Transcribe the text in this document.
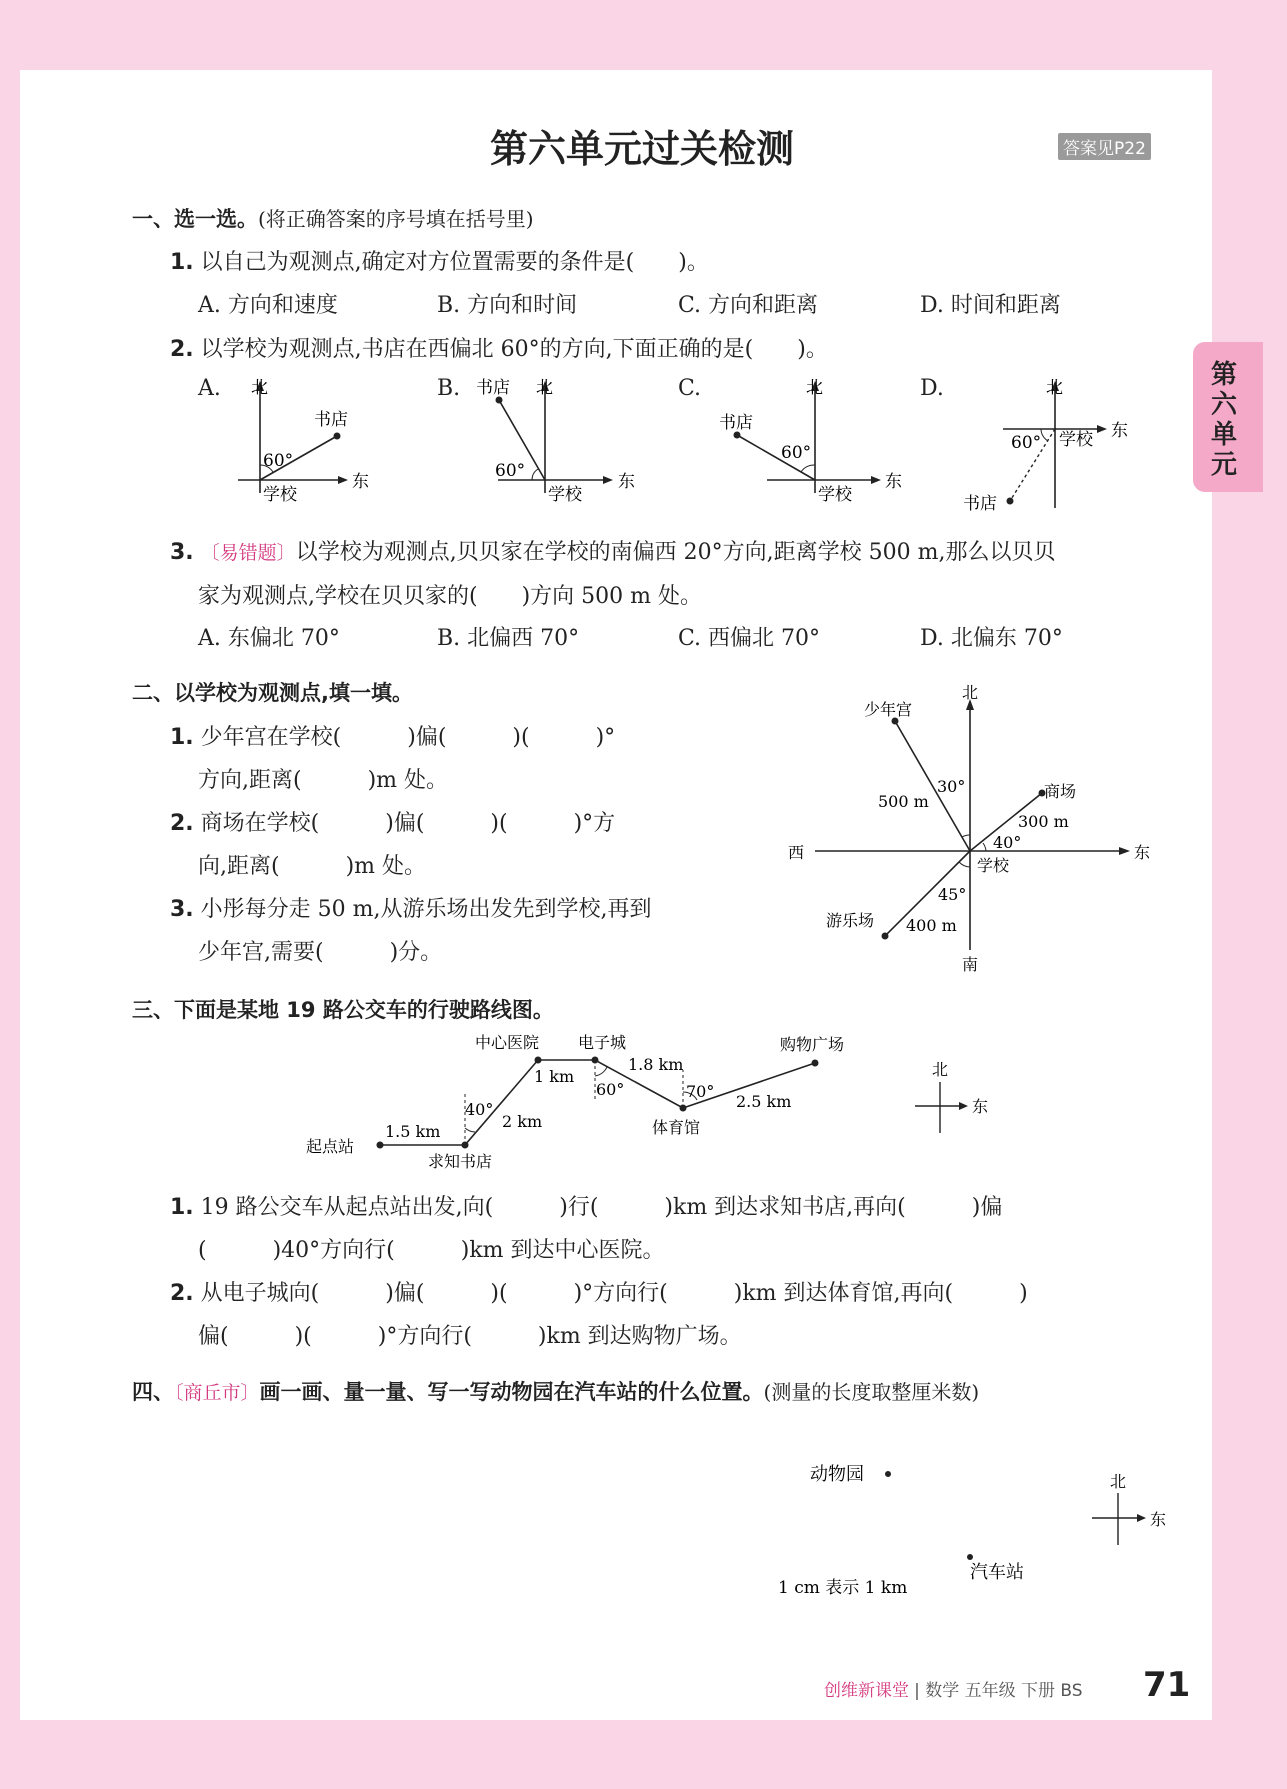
第六单元过关检测	答案见P22
第六单元
一、选一选。(将正确答案的序号填在括号里)
1. 以自己为观测点,确定对方位置需要的条件是(　　)。
A. 方向和速度	B. 方向和时间	C. 方向和距离	D. 时间和距离
2. 以学校为观测点,书店在西偏北 60°的方向,下面正确的是(　　)。
A.	B.	C.	D.
北
书店
60°
学校
东
书店 北
60°
学校
东
书店
北
60°
学校
东
北
60° 学校 东
书店
3. 〔易错题〕以学校为观测点,贝贝家在学校的南偏西 20°方向,距离学校 500 m,那么以贝贝
家为观测点,学校在贝贝家的(　　)方向 500 m 处。
A. 东偏北 70°	B. 北偏西 70°	C. 西偏北 70°	D. 北偏东 70°
二、以学校为观测点,填一填。
1. 少年宫在学校(　　　)偏(　　　)(　　　)°
方向,距离(　　　)m 处。
2. 商场在学校(　　　)偏(　　　)(　　　)°方
向,距离(　　　)m 处。
3. 小彤每分走 50 m,从游乐场出发先到学校,再到
少年宫,需要(　　　)分。
北
南
西	东
学校
少年宫
商场
游乐场
500 m
300 m
400 m
30°
40°
45°
三、下面是某地 19 路公交车的行驶路线图。
起点站
求知书店
中心医院 电子城
体育馆
购物广场
1.5 km
2 km
1 km
1.8 km
2.5 km
40°
60°	70°
北
东
1. 19 路公交车从起点站出发,向(　　　)行(　　　)km 到达求知书店,再向(　　　)偏
(　　　)40°方向行(　　　)km 到达中心医院。
2. 从电子城向(　　　)偏(　　　)(　　　)°方向行(　　　)km 到达体育馆,再向(　　　)
偏(　　　)(　　　)°方向行(　　　)km 到达购物广场。
四、〔商丘市〕画一画、量一量、写一写动物园在汽车站的什么位置。(测量的长度取整厘米数)
动物园
汽车站
1 cm 表示 1 km
北
东
创维新课堂 | 数学 五年级 下册 BS 71
